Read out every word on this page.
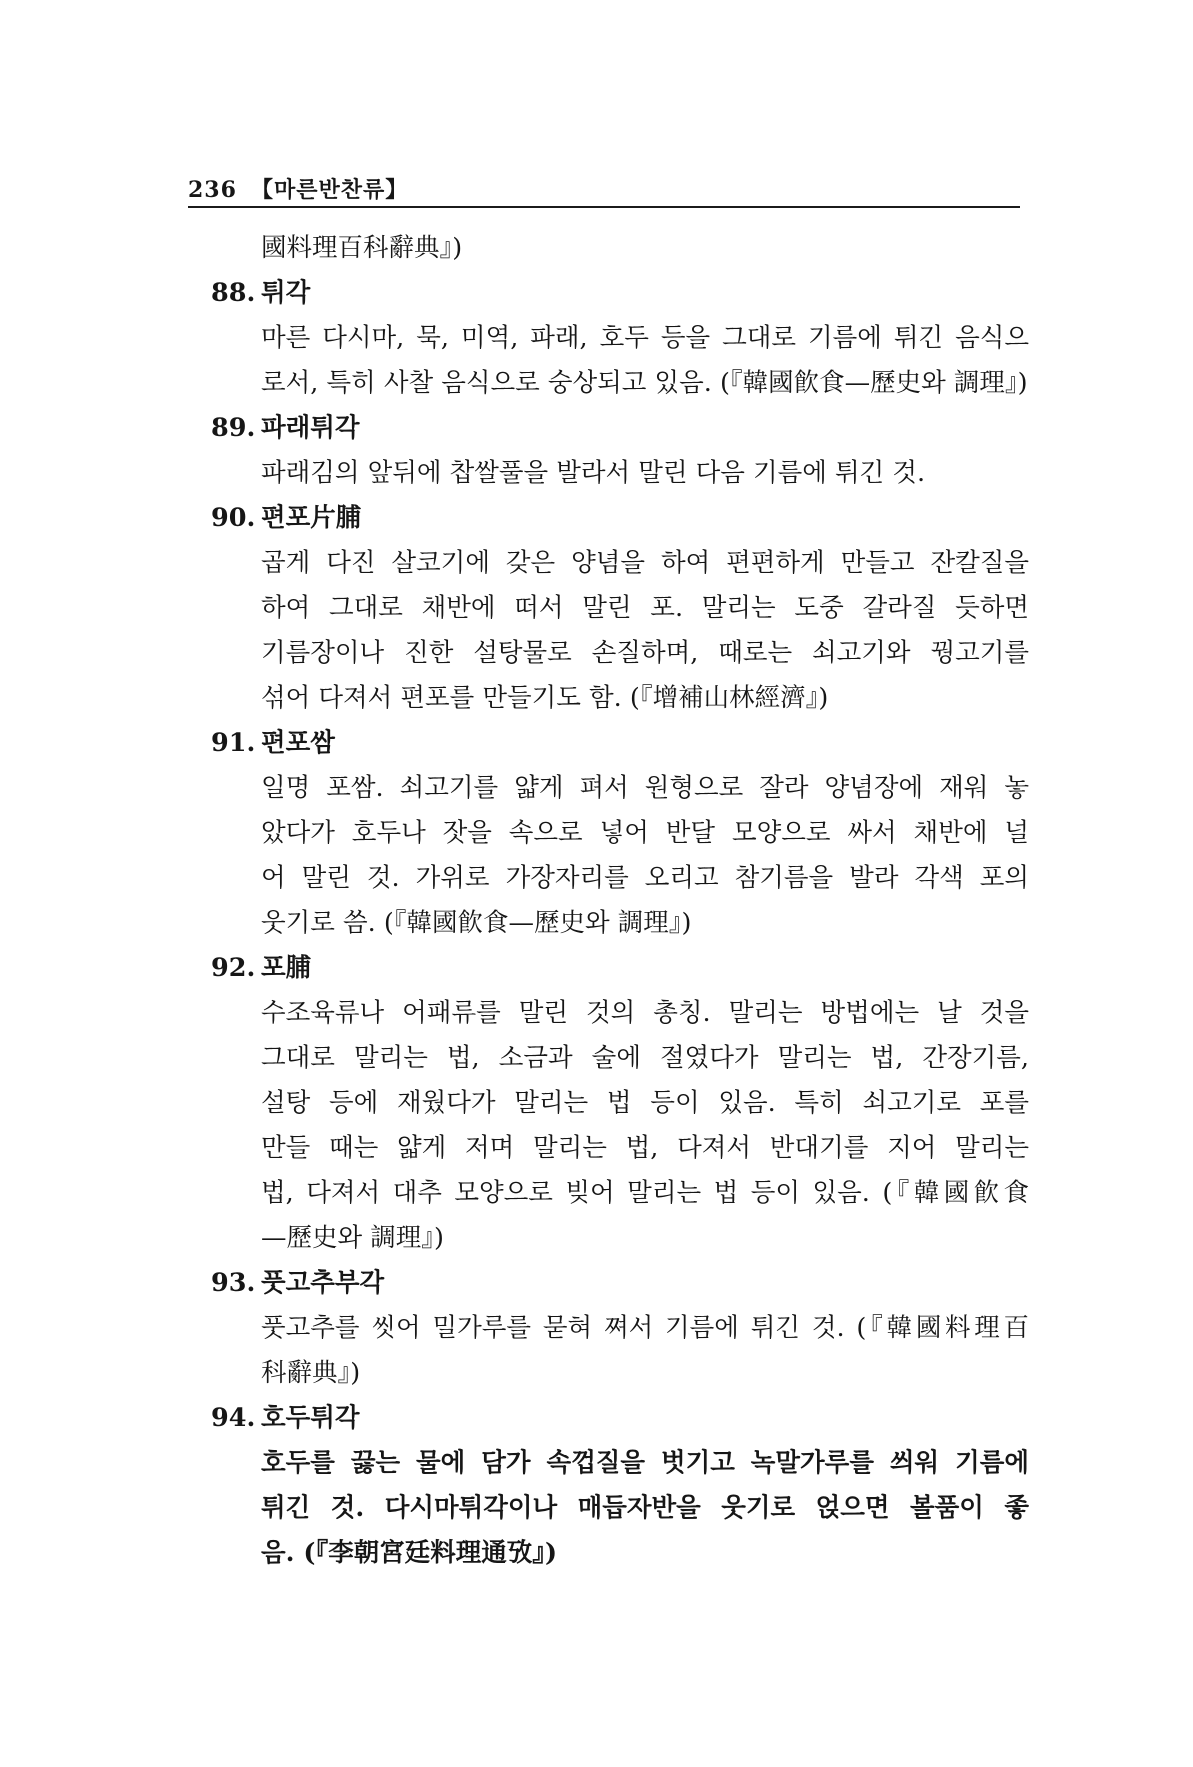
236 【마른반찬류】
國料理百科辭典』)
88. 튀각

마른 다시마, 묵, 미역, 파래, 호두 등을 그대로 기름에 튀긴 음식으

로서, 특히 사찰 음식으로 숭상되고 있음. (『韓國飮食—歷史와 調理』)

89. 파래튀각

파래김의 앞뒤에 찹쌀풀을 발라서 말린 다음 기름에 튀긴 것.

90. 편포片脯

곱게 다진 살코기에 갖은 양념을 하여 편편하게 만들고 잔칼질을

하여 그대로 채반에 떠서 말린 포. 말리는 도중 갈라질 듯하면

기름장이나 진한 설탕물로 손질하며, 때로는 쇠고기와 꿩고기를

섞어 다져서 편포를 만들기도 함. (『增補山林經濟』)

91. 편포쌈

일명 포쌈. 쇠고기를 얇게 펴서 원형으로 잘라 양념장에 재워 놓

았다가 호두나 잣을 속으로 넣어 반달 모양으로 싸서 채반에 널

어 말린 것. 가위로 가장자리를 오리고 참기름을 발라 각색 포의

웃기로 씀. (『韓國飮食—歷史와 調理』)

92. 포脯

수조육류나 어패류를 말린 것의 총칭. 말리는 방법에는 날 것을

그대로 말리는 법, 소금과 술에 절였다가 말리는 법, 간장기름,

설탕 등에 재웠다가 말리는 법 등이 있음. 특히 쇠고기로 포를

만들 때는 얇게 저며 말리는 법, 다져서 반대기를 지어 말리는

법, 다져서 대추 모양으로 빚어 말리는 법 등이 있음. (『韓國飮食

—歷史와 調理』)

93. 풋고추부각

풋고추를 씻어 밀가루를 묻혀 쪄서 기름에 튀긴 것. (『韓國料理百

科辭典』)

94. 호두튀각

호두를 끓는 물에 담가 속껍질을 벗기고 녹말가루를 씌워 기름에

튀긴 것. 다시마튀각이나 매듭자반을 웃기로 얹으면 볼품이 좋

음. (『李朝宮廷料理通攷』)
